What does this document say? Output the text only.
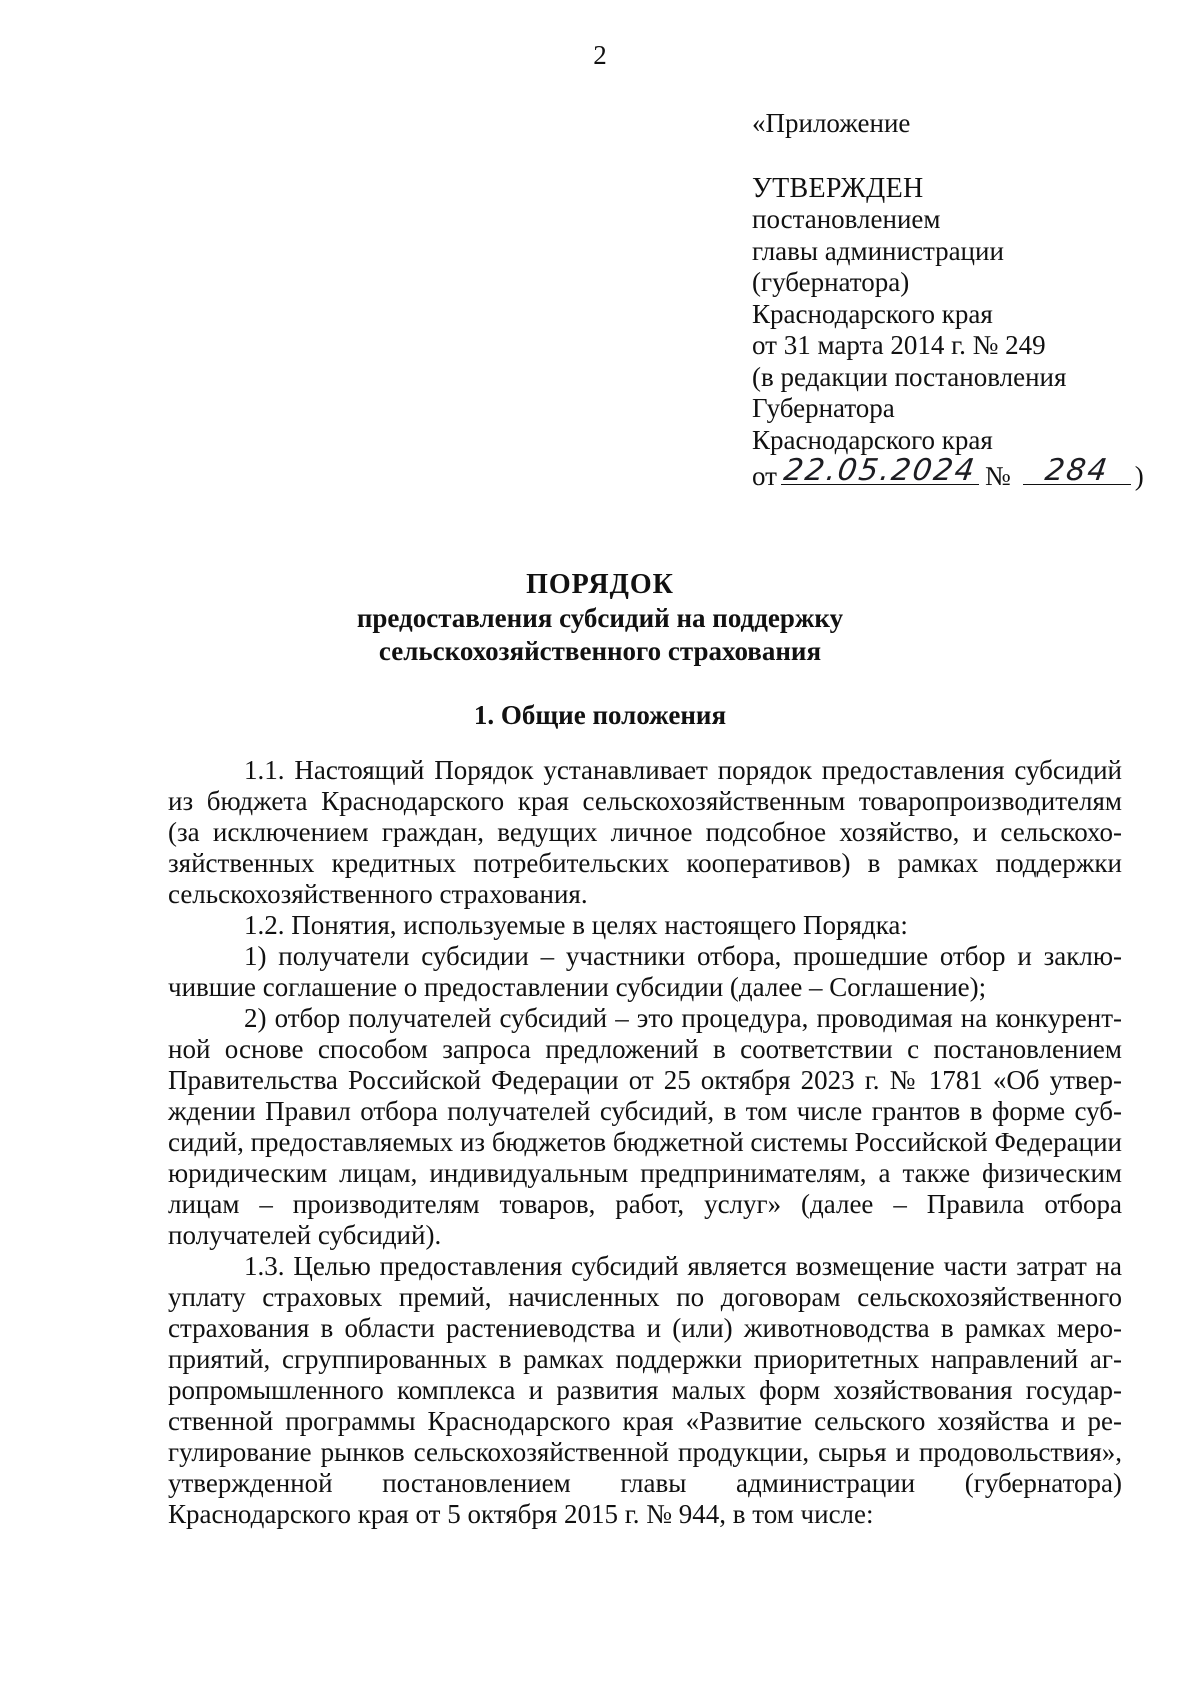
2
«Приложение
УТВЕРЖДЕН
постановлением
главы администрации
(губернатора)
Краснодарского края
от 31 марта 2014 г. № 249
(в редакции постановления
Губернатора
Краснодарского края
от 22.05.2024 №	284 )
ПОРЯДОК
предоставления субсидий на поддержку
сельскохозяйственного страхования
1. Общие положения

1.1. Настоящий Порядок устанавливает порядок предоставления субсидий из бюджета Краснодарского края сельскохозяйственным товаропроизводителям (за исключением граждан, ведущих личное подсобное хозяйство, и сельскохозяйственных кредитных потребительских кооперативов) в рамках поддержки сельскохозяйственного страхования.

1.2. Понятия, используемые в целях настоящего Порядка:

1) получатели субсидии – участники отбора, прошедшие отбор и заключившие соглашение о предоставлении субсидии (далее – Соглашение);

2) отбор получателей субсидий – это процедура, проводимая на конкурентной основе способом запроса предложений в соответствии с постановлением Правительства Российской Федерации от 25 октября 2023 г. № 1781 «Об утверждении Правил отбора получателей субсидий, в том числе грантов в форме субсидий, предоставляемых из бюджетов бюджетной системы Российской Федерации юридическим лицам, индивидуальным предпринимателям, а также физическим лицам – производителям товаров, работ, услуг» (далее – Правила отбора получателей субсидий).

1.3. Целью предоставления субсидий является возмещение части затрат на уплату страховых премий, начисленных по договорам сельскохозяйственного страхования в области растениеводства и (или) животноводства в рамках мероприятий, сгруппированных в рамках поддержки приоритетных направлений агропромышленного комплекса и развития малых форм хозяйствования государственной программы Краснодарского края «Развитие сельского хозяйства и регулирование рынков сельскохозяйственной продукции, сырья и продовольствия», утвержденной постановлением главы администрации (губернатора) Краснодарского края от 5 октября 2015 г. № 944, в том числе:
